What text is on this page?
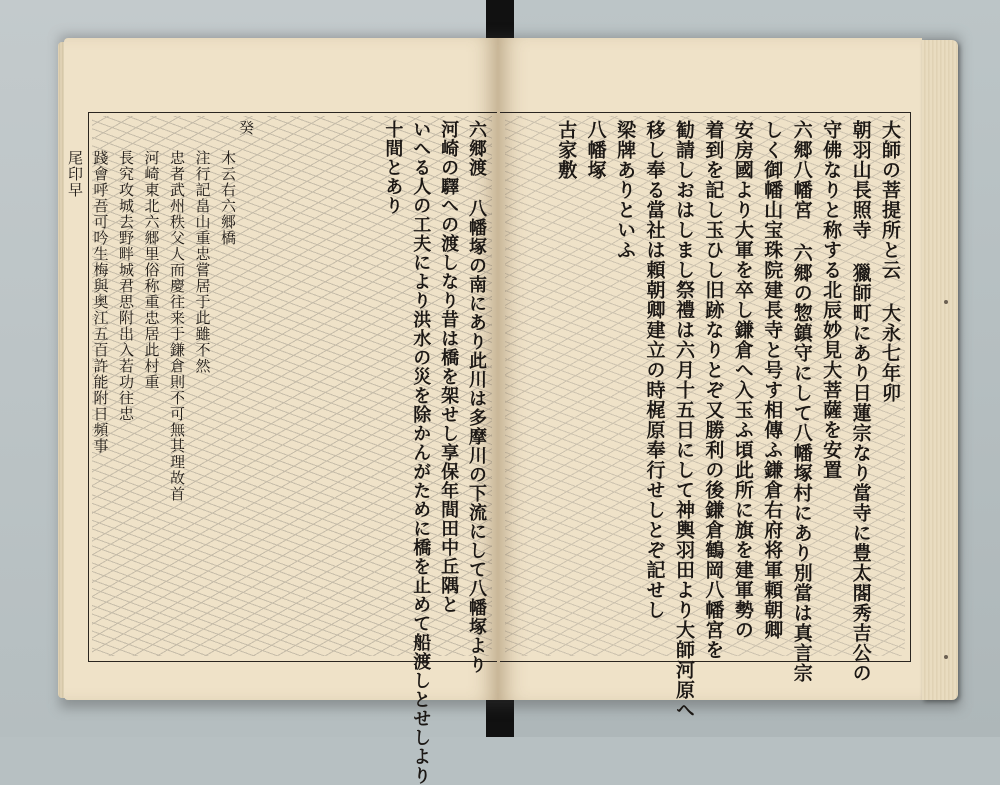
大師の菩提所と云 大永七年卯
朝羽山長照寺 獵師町にあり日蓮宗なり當寺に豊太閤秀吉公の
守佛なりと称する北辰妙見大菩薩を安置
六郷八幡宮 六郷の惣鎮守にして八幡塚村にあり別當は真言宗
しく御幡山宝珠院建長寺と号す相傳ふ鎌倉右府将軍頼朝卿
安房國より大軍を卒し鎌倉へ入玉ふ頃此所に旗を建軍勢の
着到を記し玉ひし旧跡なりとぞ又勝利の後鎌倉鶴岡八幡宮を
勧請しおはしまし祭禮は六月十五日にして神輿羽田より大師河原へ
移し奉る當社は頼朝卿建立の時梶原奉行せしとぞ記せし
梁牌ありといふ
八幡塚
古家敷
六郷渡 八幡塚の南にあり此川は多摩川の下流にして八幡塚より
河崎の驛への渡しなり昔は橋を架せし享保年間田中丘隅と
いへる人の工夫により洪水の災を除かんがために橋を止めて船渡しとせしより
十間とあり
癸
木云右六郷橋
注行記畠山重忠嘗居于此雖不然
忠者武州秩父人而慶往来于鎌倉則不可無其理故首
河崎東北六郷里俗称重忠居此村重
長究攻城去野畔城君思附出入若功往忠
踐會呼吾可吟生梅與奥江五百許能附日頻事
尾印早
